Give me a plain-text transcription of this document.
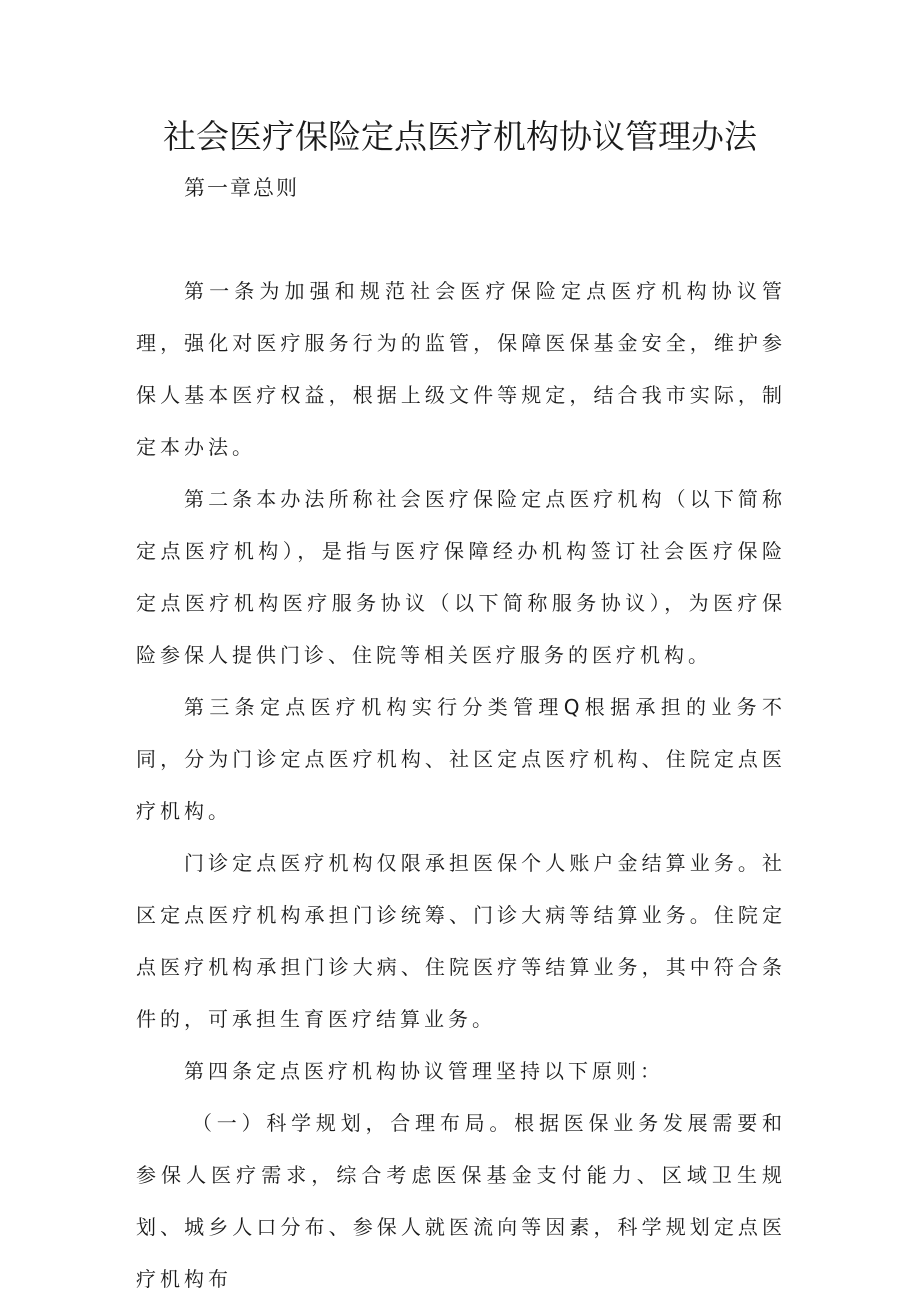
社会医疗保险定点医疗机构协议管理办法
第一章总则

第一条为加强和规范社会医疗保险定点医疗机构协议管理，强化对医疗服务行为的监管，保障医保基金安全，维护参保人基本医疗权益，根据上级文件等规定，结合我市实际，制定本办法。

第二条本办法所称社会医疗保险定点医疗机构（以下简称定点医疗机构），是指与医疗保障经办机构签订社会医疗保险定点医疗机构医疗服务协议（以下简称服务协议），为医疗保险参保人提供门诊、住院等相关医疗服务的医疗机构。

第三条定点医疗机构实行分类管理Q根据承担的业务不同，分为门诊定点医疗机构、社区定点医疗机构、住院定点医疗机构。

门诊定点医疗机构仅限承担医保个人账户金结算业务。社区定点医疗机构承担门诊统筹、门诊大病等结算业务。住院定点医疗机构承担门诊大病、住院医疗等结算业务，其中符合条件的，可承担生育医疗结算业务。

第四条定点医疗机构协议管理坚持以下原则：

（一）科学规划，合理布局。根据医保业务发展需要和参保人医疗需求，综合考虑医保基金支付能力、区域卫生规划、城乡人口分布、参保人就医流向等因素，科学规划定点医疗机构布
